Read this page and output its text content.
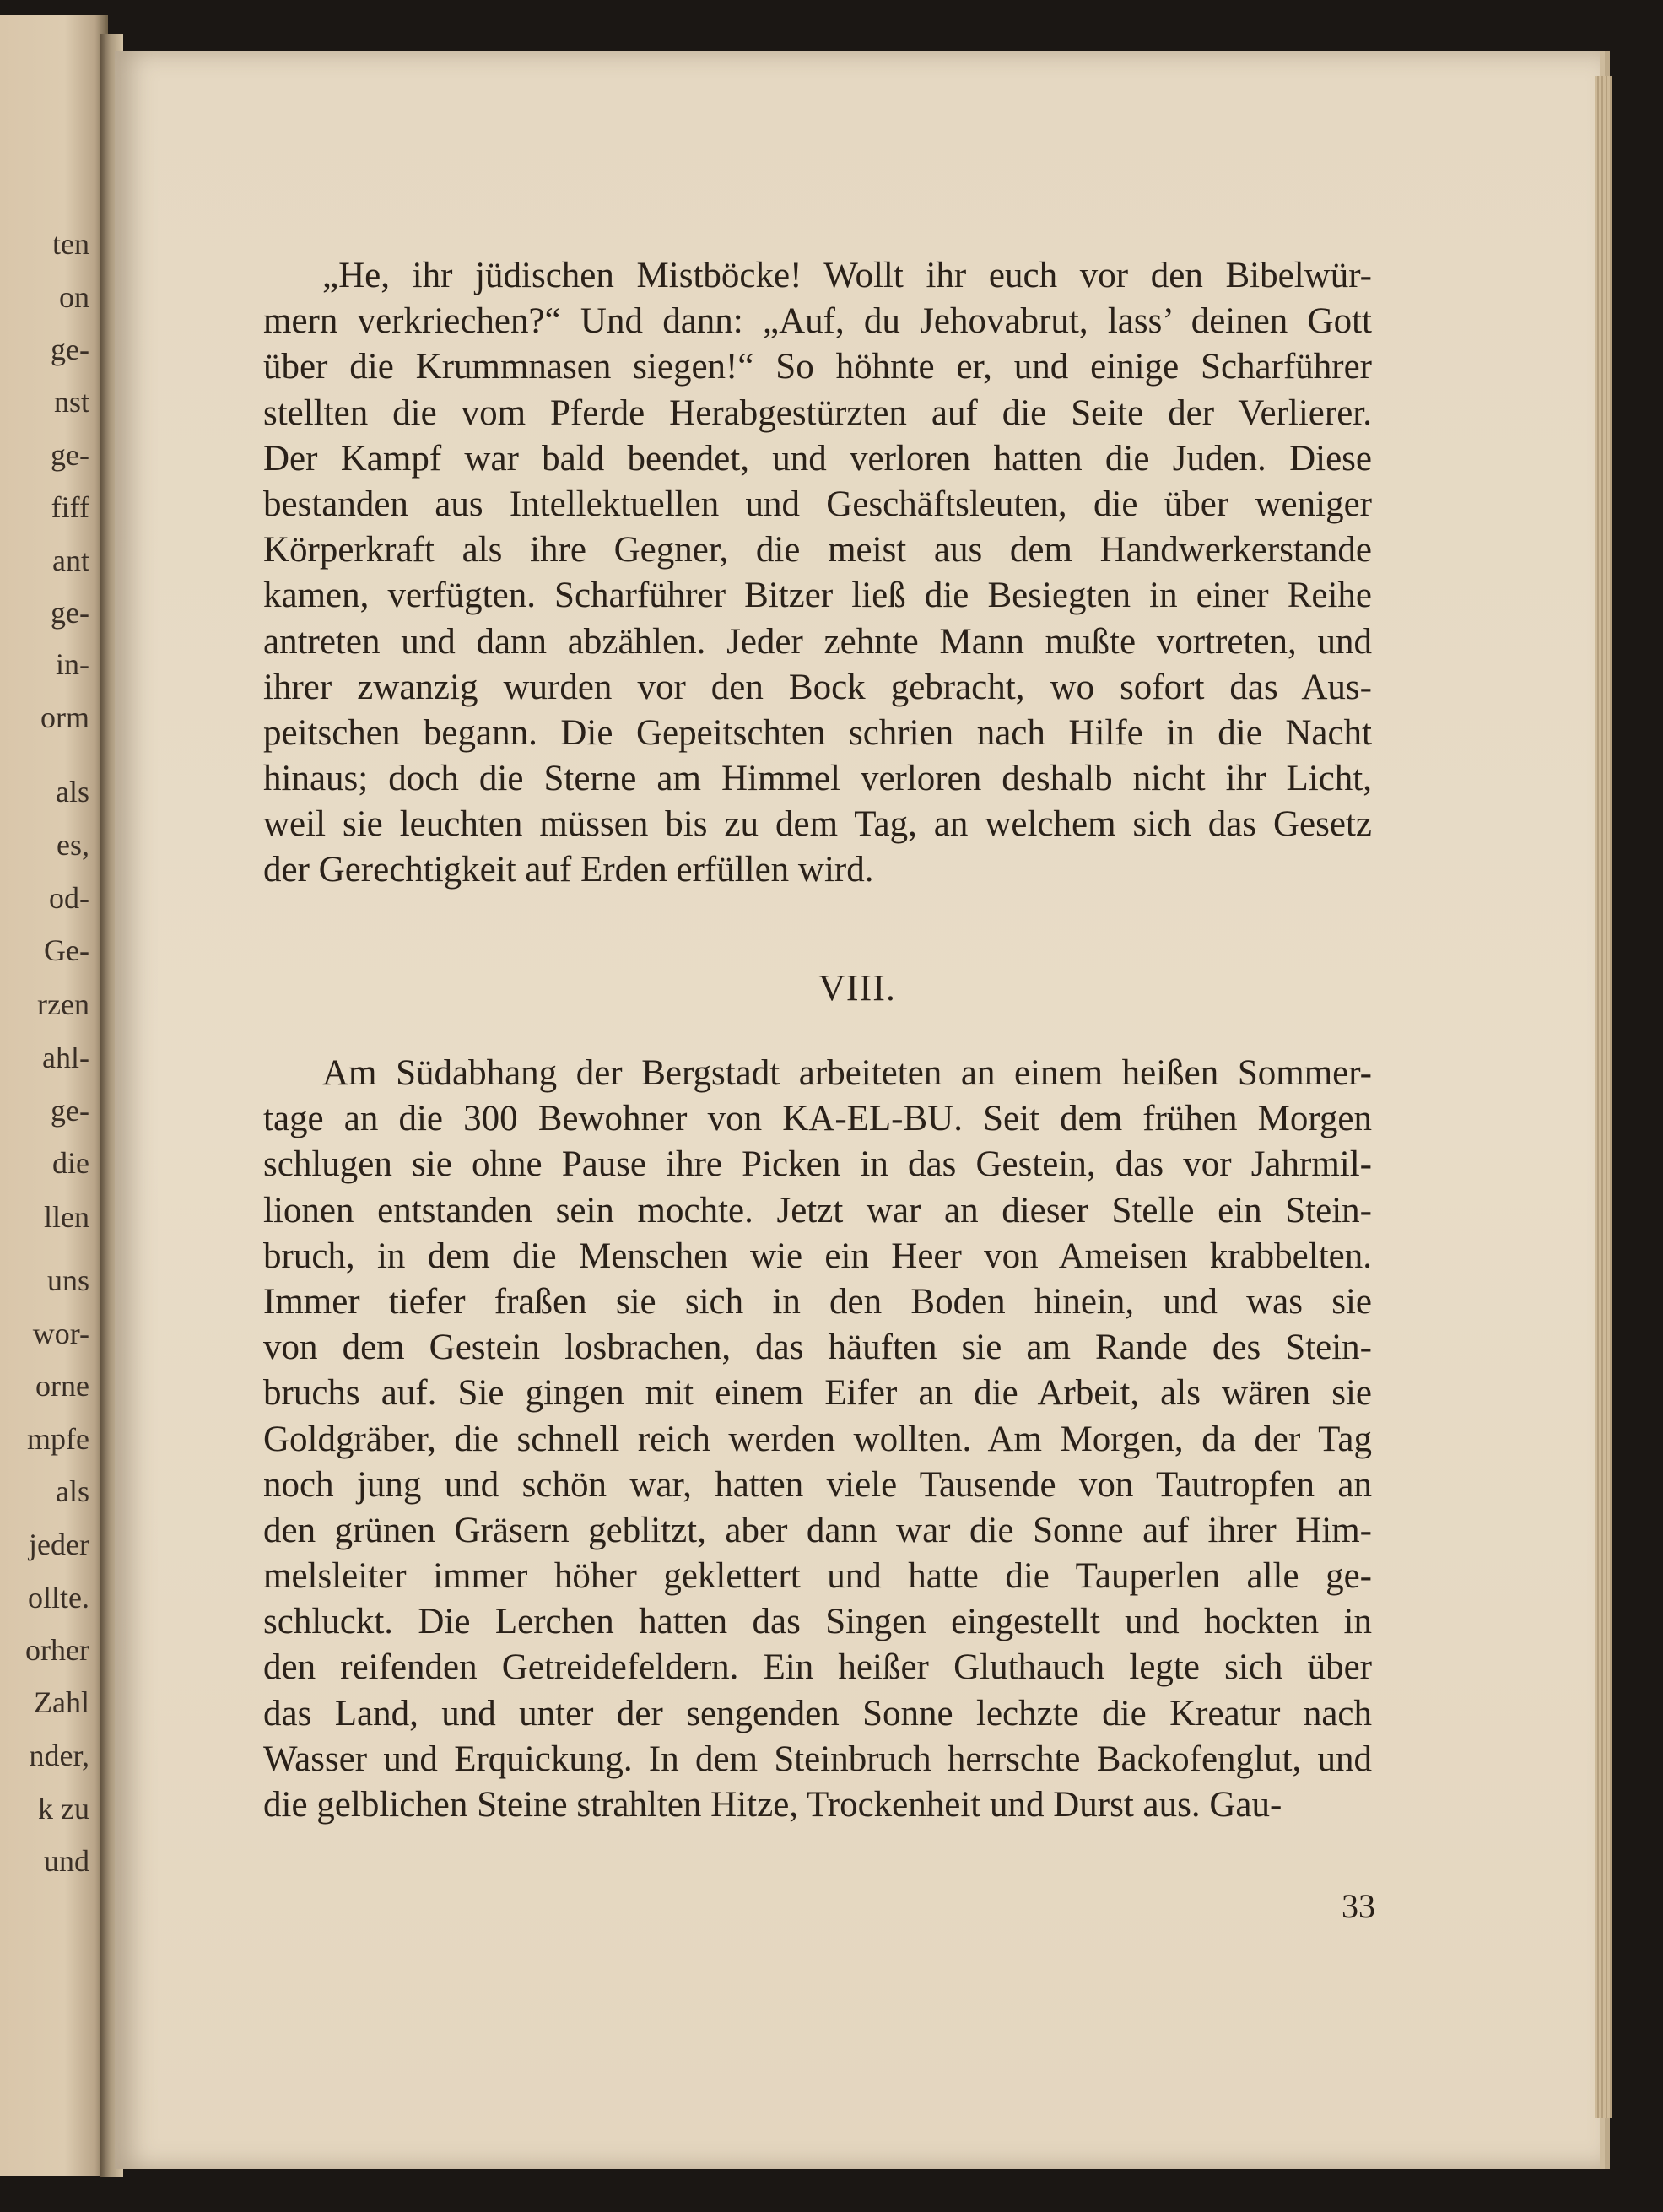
ten
on
ge-
nst
ge-
fiff
ant
ge-
in-
orm
als
es,
od-
Ge-
rzen
ahl-
ge-
die
llen
uns
wor-
orne
mpfe
als
jeder
ollte.
orher
Zahl
nder,
k zu
und
„He, ihr jüdischen Mistböcke! Wollt ihr euch vor den Bibelwür-
mern verkriechen?“ Und dann: „Auf, du Jehovabrut, lass’ deinen Gott
über die Krummnasen siegen!“ So höhnte er, und einige Scharführer
stellten die vom Pferde Herabgestürzten auf die Seite der Verlierer.
Der Kampf war bald beendet, und verloren hatten die Juden. Diese
bestanden aus Intellektuellen und Geschäftsleuten, die über weniger
Körperkraft als ihre Gegner, die meist aus dem Handwerkerstande
kamen, verfügten. Scharführer Bitzer ließ die Besiegten in einer Reihe
antreten und dann abzählen. Jeder zehnte Mann mußte vortreten, und
ihrer zwanzig wurden vor den Bock gebracht, wo sofort das Aus-
peitschen begann. Die Gepeitschten schrien nach Hilfe in die Nacht
hinaus; doch die Sterne am Himmel verloren deshalb nicht ihr Licht,
weil sie leuchten müssen bis zu dem Tag, an welchem sich das Gesetz
der Gerechtigkeit auf Erden erfüllen wird.
VIII.
Am Südabhang der Bergstadt arbeiteten an einem heißen Sommer-
tage an die 300 Bewohner von KA-EL-BU. Seit dem frühen Morgen
schlugen sie ohne Pause ihre Picken in das Gestein, das vor Jahrmil-
lionen entstanden sein mochte. Jetzt war an dieser Stelle ein Stein-
bruch, in dem die Menschen wie ein Heer von Ameisen krabbelten.
Immer tiefer fraßen sie sich in den Boden hinein, und was sie
von dem Gestein losbrachen, das häuften sie am Rande des Stein-
bruchs auf. Sie gingen mit einem Eifer an die Arbeit, als wären sie
Goldgräber, die schnell reich werden wollten. Am Morgen, da der Tag
noch jung und schön war, hatten viele Tausende von Tautropfen an
den grünen Gräsern geblitzt, aber dann war die Sonne auf ihrer Him-
melsleiter immer höher geklettert und hatte die Tauperlen alle ge-
schluckt. Die Lerchen hatten das Singen eingestellt und hockten in
den reifenden Getreidefeldern. Ein heißer Gluthauch legte sich über
das Land, und unter der sengenden Sonne lechzte die Kreatur nach
Wasser und Erquickung. In dem Steinbruch herrschte Backofenglut, und
die gelblichen Steine strahlten Hitze, Trockenheit und Durst aus. Gau-
33
